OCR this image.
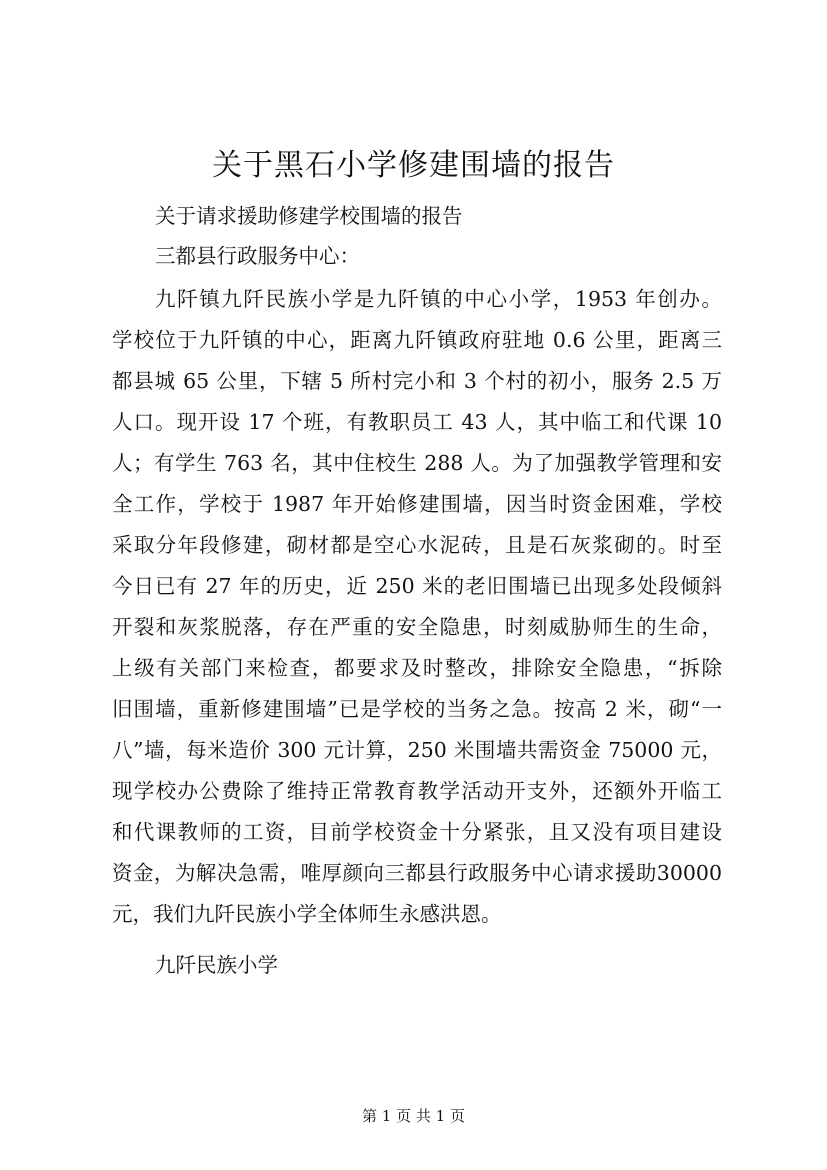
关于黑石小学修建围墙的报告

关于请求援助修建学校围墙的报告

三都县行政服务中心：

九阡镇九阡民族小学是九阡镇的中心小学，1953 年创办。

学校位于九阡镇的中心，距离九阡镇政府驻地 0.6 公里，距离三

都县城 65 公里，下辖 5 所村完小和 3 个村的初小，服务 2.5 万

人口。现开设 17 个班，有教职员工 43 人，其中临工和代课 10

人；有学生 763 名，其中住校生 288 人。为了加强教学管理和安

全工作，学校于 1987 年开始修建围墙，因当时资金困难，学校

采取分年段修建，砌材都是空心水泥砖，且是石灰浆砌的。时至

今日已有 27 年的历史，近 250 米的老旧围墙已出现多处段倾斜

开裂和灰浆脱落，存在严重的安全隐患，时刻威胁师生的生命，

上级有关部门来检查，都要求及时整改，排除安全隐患，“拆除

旧围墙，重新修建围墙”已是学校的当务之急。按高 2 米，砌“一

八”墙，每米造价 300 元计算，250 米围墙共需资金 75000 元，

现学校办公费除了维持正常教育教学活动开支外，还额外开临工

和代课教师的工资，目前学校资金十分紧张，且又没有项目建设

资金，为解决急需，唯厚颜向三都县行政服务中心请求援助30000

元，我们九阡民族小学全体师生永感洪恩。

九阡民族小学

第 1 页 共 1 页
